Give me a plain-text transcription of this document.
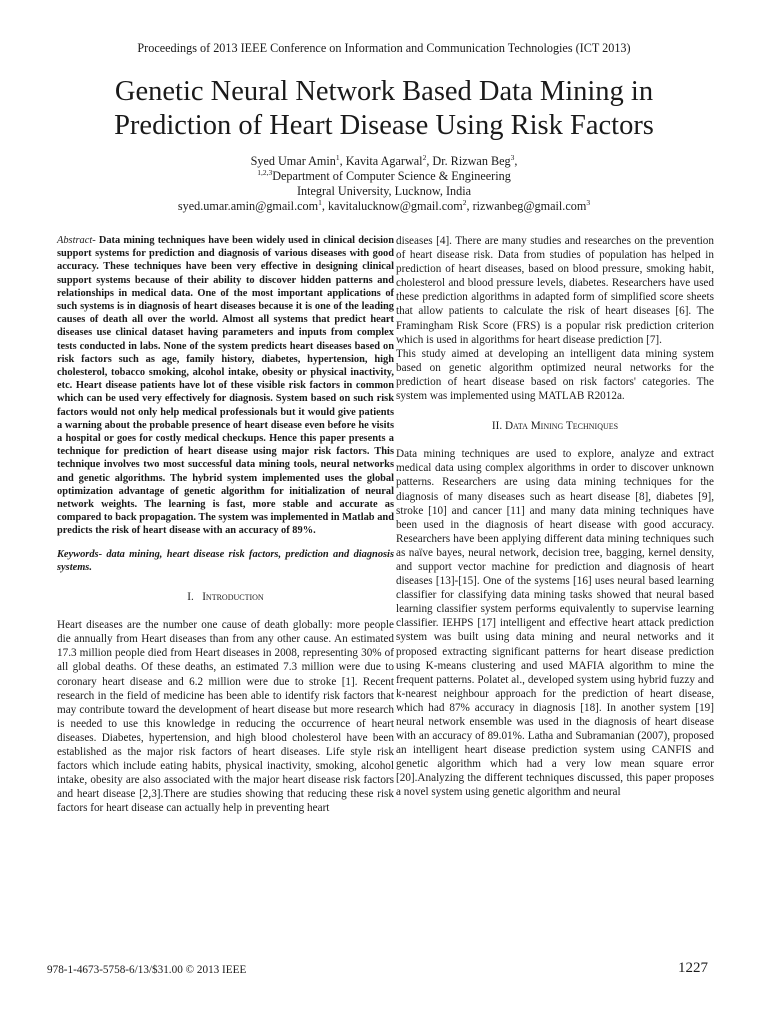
Proceedings of 2013 IEEE Conference on Information and Communication Technologies (ICT 2013)
Genetic Neural Network Based Data Mining in
Prediction of Heart Disease Using Risk Factors
Syed Umar Amin$^1$, Kavita Agarwal$^2$, Dr. Rizwan Beg$^3$,
$^{1,2,3}$Department of Computer Science & Engineering
Integral University, Lucknow, India
syed.umar.amin@gmail.com$^1$, kavitalucknow@gmail.com$^2$, rizwanbeg@gmail.com$^3$

Abstract- Data mining techniques have been widely used in clinical decision support systems for prediction and diagnosis of various diseases with good accuracy. These techniques have been very effective in designing clinical support systems because of their ability to discover hidden patterns and relationships in medical data. One of the most important applications of such systems is in diagnosis of heart diseases because it is one of the leading causes of death all over the world. Almost all systems that predict heart diseases use clinical dataset having parameters and inputs from complex tests conducted in labs. None of the system predicts heart diseases based on risk factors such as age, family history, diabetes, hypertension, high cholesterol, tobacco smoking, alcohol intake, obesity or physical inactivity, etc. Heart disease patients have lot of these visible risk factors in common which can be used very effectively for diagnosis. System based on such risk factors would not only help medical professionals but it would give patients a warning about the probable presence of heart disease even before he visits a hospital or goes for costly medical checkups. Hence this paper presents a technique for prediction of heart disease using major risk factors. This technique involves two most successful data mining tools, neural networks and genetic algorithms. The hybrid system implemented uses the global optimization advantage of genetic algorithm for initialization of neural network weights. The learning is fast, more stable and accurate as compared to back propagation. The system was implemented in Matlab and predicts the risk of heart disease with an accuracy of 89%.

Keywords- data mining, heart disease risk factors, prediction and diagnosis systems.

I. Introduction

Heart diseases are the number one cause of death globally: more people die annually from Heart diseases than from any other cause. An estimated 17.3 million people died from Heart diseases in 2008, representing 30% of all global deaths. Of these deaths, an estimated 7.3 million were due to coronary heart disease and 6.2 million were due to stroke [1]. Recent research in the field of medicine has been able to identify risk factors that may contribute toward the development of heart disease but more research is needed to use this knowledge in reducing the occurrence of heart diseases. Diabetes, hypertension, and high blood cholesterol have been established as the major risk factors of heart diseases. Life style risk factors which include eating habits, physical inactivity, smoking, alcohol intake, obesity are also associated with the major heart disease risk factors and heart disease [2,3].There are studies showing that reducing these risk factors for heart disease can actually help in preventing heart

diseases [4]. There are many studies and researches on the prevention of heart disease risk. Data from studies of population has helped in prediction of heart diseases, based on blood pressure, smoking habit, cholesterol and blood pressure levels, diabetes. Researchers have used these prediction algorithms in adapted form of simplified score sheets that allow patients to calculate the risk of heart diseases [6]. The Framingham Risk Score (FRS) is a popular risk prediction criterion which is used in algorithms for heart disease prediction [7].

This study aimed at developing an intelligent data mining system based on genetic algorithm optimized neural networks for the prediction of heart disease based on risk factors' categories. The system was implemented using MATLAB R2012a.

II. Data Mining Techniques

Data mining techniques are used to explore, analyze and extract medical data using complex algorithms in order to discover unknown patterns. Researchers are using data mining techniques for the diagnosis of many diseases such as heart disease [8], diabetes [9], stroke [10] and cancer [11] and many data mining techniques have been used in the diagnosis of heart disease with good accuracy. Researchers have been applying different data mining techniques such as naïve bayes, neural network, decision tree, bagging, kernel density, and support vector machine for prediction and diagnosis of heart diseases [13]-[15]. One of the systems [16] uses neural based learning classifier for classifying data mining tasks showed that neural based learning classifier system performs equivalently to supervise learning classifier. IEHPS [17] intelligent and effective heart attack prediction system was built using data mining and neural networks and it proposed extracting significant patterns for heart disease prediction using K-means clustering and used MAFIA algorithm to mine the frequent patterns. Polatet al., developed system using hybrid fuzzy and k-nearest neighbour approach for the prediction of heart disease, which had 87% accuracy in diagnosis [18]. In another system [19] neural network ensemble was used in the diagnosis of heart disease with an accuracy of 89.01%. Latha and Subramanian (2007), proposed an intelligent heart disease prediction system using CANFIS and genetic algorithm which had a very low mean square error [20].Analyzing the different techniques discussed, this paper proposes a novel system using genetic algorithm and neural

978-1-4673-5758-6/13/$31.00 © 2013 IEEE	1227
